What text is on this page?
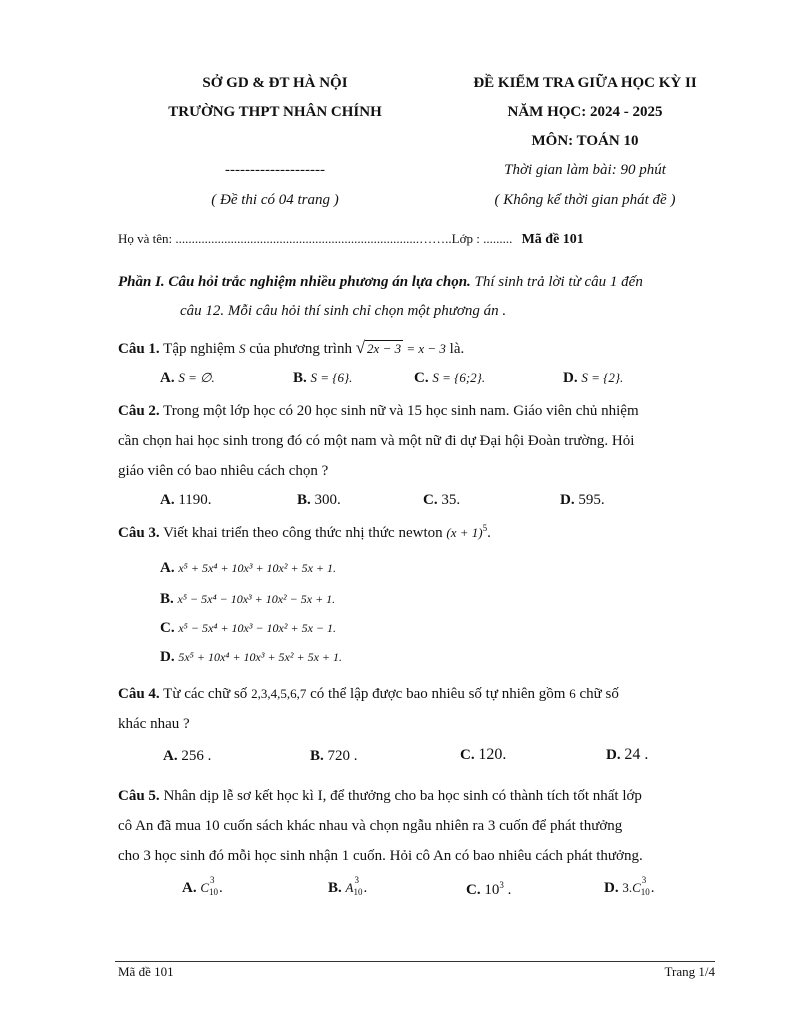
SỞ GD & ĐT HÀ NỘI
TRƯỜNG THPT NHÂN CHÍNH
--------------------
( Đề thi có 04 trang )
ĐỀ KIỂM TRA GIỮA HỌC KỲ II
NĂM HỌC: 2024 - 2025
MÔN: TOÁN 10
Thời gian làm bài: 90 phút
( Không kể thời gian phát đề )
Họ và tên: ...........................................................................……..Lớp : ......... Mã đề 101
Phần I. Câu hỏi trắc nghiệm nhiều phương án lựa chọn. Thí sinh trả lời từ câu 1 đến
câu 12. Mỗi câu hỏi thí sinh chỉ chọn một phương án .
Câu 1. Tập nghiệm S của phương trình √ 2x − 3 = x − 3 là.
A. S = ∅.	B. S = {6}.	C. S = {6;2}.	D. S = {2}.
Câu 2. Trong một lớp học có 20 học sinh nữ và 15 học sinh nam. Giáo viên chủ nhiệm
cần chọn hai học sinh trong đó có một nam và một nữ đi dự Đại hội Đoàn trường. Hỏi
giáo viên có bao nhiêu cách chọn ?
A. 1190.	B. 300.	C. 35.	D. 595.
Câu 3. Viết khai triển theo công thức nhị thức newton $(x + 1)^5$.
A. x⁵ + 5x⁴ + 10x³ + 10x² + 5x + 1.
B. x⁵ − 5x⁴ − 10x³ + 10x² − 5x + 1.
C. x⁵ − 5x⁴ + 10x³ − 10x² + 5x − 1.
D. 5x⁵ + 10x⁴ + 10x³ + 5x² + 5x + 1.
Câu 4. Từ các chữ số 2,3,4,5,6,7 có thể lập được bao nhiêu số tự nhiên gồm 6 chữ số
khác nhau ?
A. 256 .	B. 720 .	C. 120.	D. 24 .
Câu 5. Nhân dịp lễ sơ kết học kì I, để thưởng cho ba học sinh có thành tích tốt nhất lớp
cô An đã mua 10 cuốn sách khác nhau và chọn ngẫu nhiên ra 3 cuốn để phát thưởng
cho 3 học sinh đó mỗi học sinh nhận 1 cuốn. Hỏi cô An có bao nhiêu cách phát thưởng.
A. C
3
10 .	B. A
3
10 .	C. $10^3$ .	D. 3.C
3
10 .
Mã đề 101	Trang 1/4
